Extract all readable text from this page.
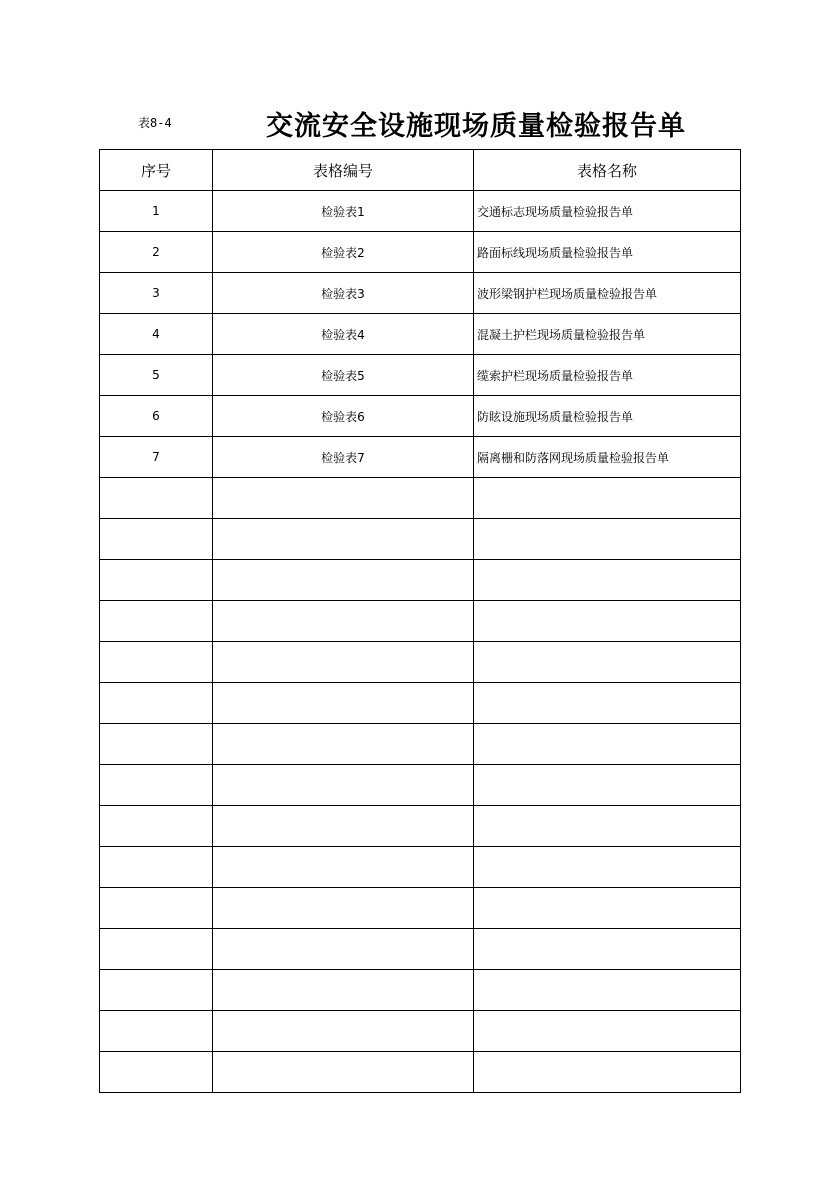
表8-4	交流安全设施现场质量检验报告单
序号	表格编号	表格名称
1	检验表1	交通标志现场质量检验报告单
2	检验表2	路面标线现场质量检验报告单
3	检验表3	波形梁钢护栏现场质量检验报告单
4	检验表4	混凝土护栏现场质量检验报告单
5	检验表5	缆索护栏现场质量检验报告单
6	检验表6	防眩设施现场质量检验报告单
7	检验表7	隔离栅和防落网现场质量检验报告单
